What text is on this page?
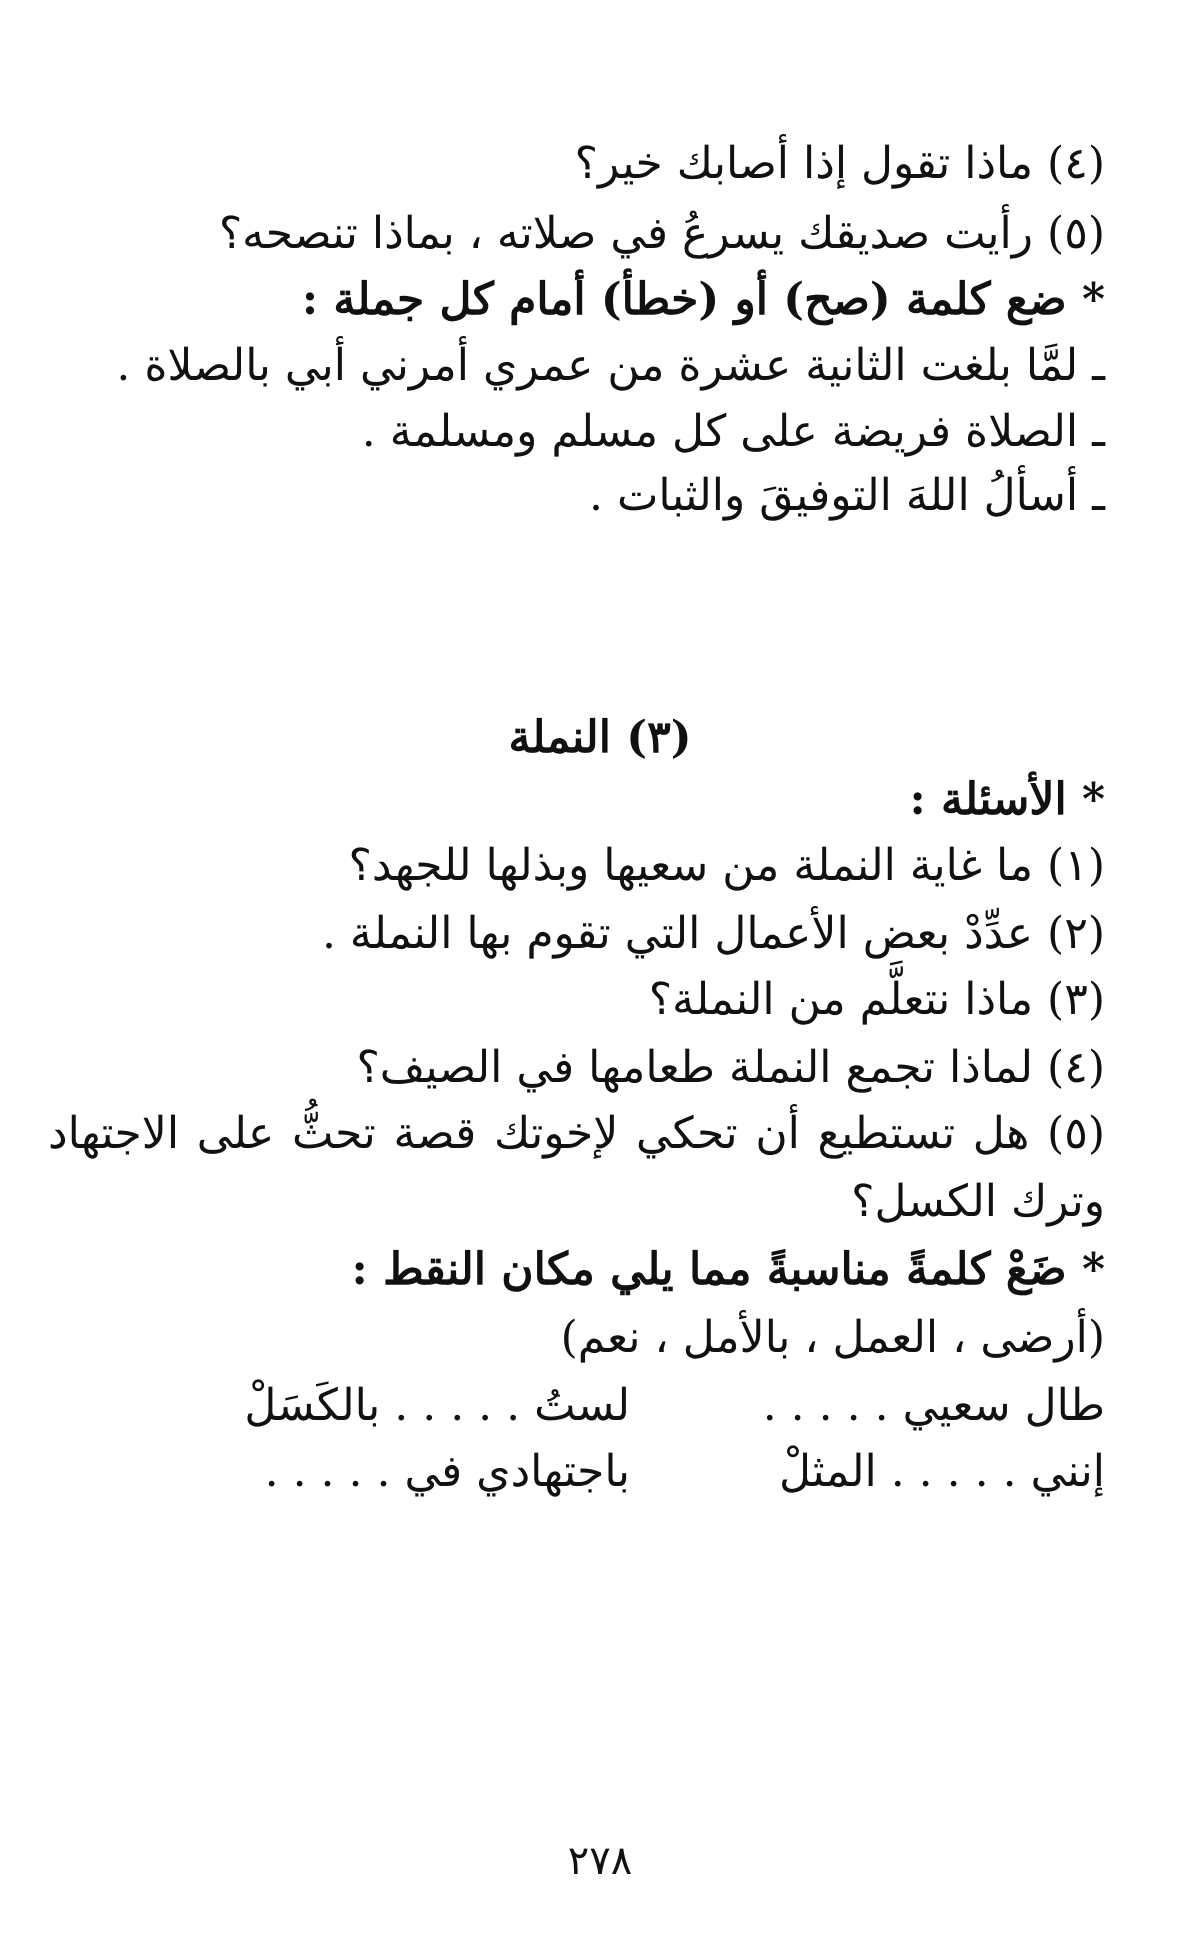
(٤) ماذا تقول إذا أصابك خير؟
(٥) رأيت صديقك يسرعُ في صلاته ، بماذا تنصحه؟
* ضع كلمة (صح) أو (خطأ) أمام كل جملة :
ـ لمَّا بلغت الثانية عشرة من عمري أمرني أبي بالصلاة .
ـ الصلاة فريضة على كل مسلم ومسلمة .
ـ أسألُ اللهَ التوفيقَ والثبات .
(٣) النملة
* الأسئلة :
(١) ما غاية النملة من سعيها وبذلها للجهد؟
(٢) عدِّدْ بعض الأعمال التي تقوم بها النملة .
(٣) ماذا نتعلَّم من النملة؟
(٤) لماذا تجمع النملة طعامها في الصيف؟
(٥) هل تستطيع أن تحكي لإخوتك قصة تحثُّ على الاجتهاد
وترك الكسل؟
* ضَعْ كلمةً مناسبةً مما يلي مكان النقط :
(أرضى ، العمل ، بالأمل ، نعم)
طال سعيي . . . . .
لستُ . . . . . بالكَسَلْ
إنني . . . . . المثلْ
باجتهادي في . . . . .
٢٧٨
